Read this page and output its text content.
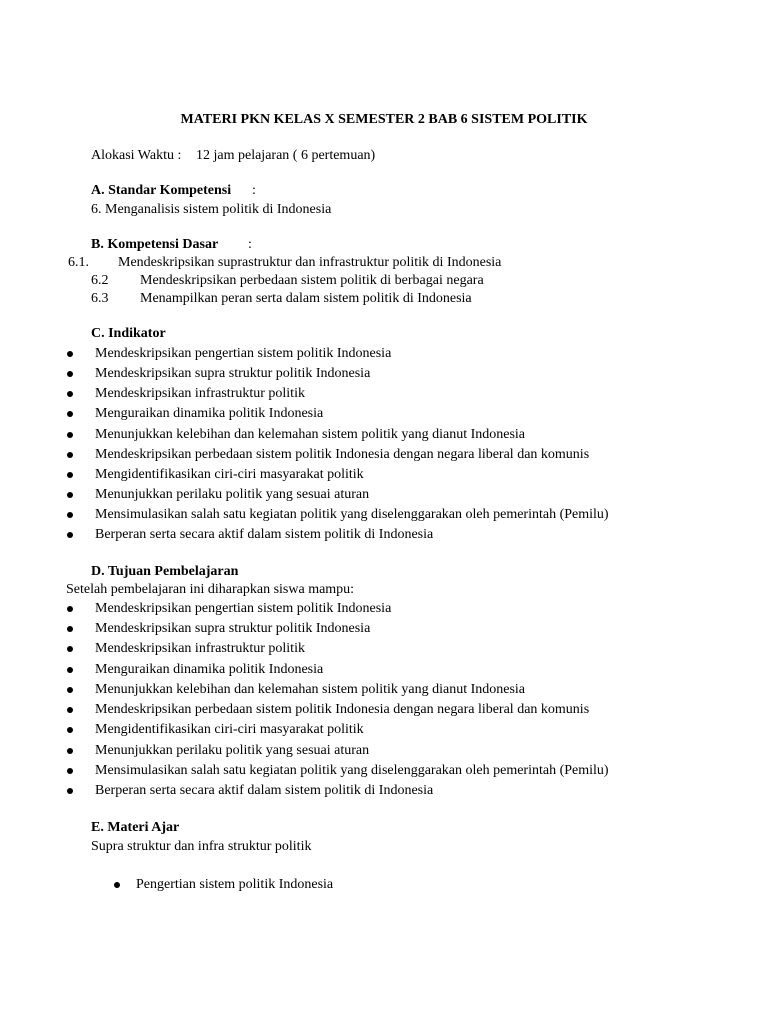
MATERI PKN KELAS X SEMESTER 2 BAB 6 SISTEM POLITIK
Alokasi Waktu : 12 jam pelajaran ( 6 pertemuan)
A. Standar Kompetensi :
6. Menganalisis sistem politik di Indonesia
B. Kompetensi Dasar :
6.1. Mendeskripsikan suprastruktur dan infrastruktur politik di Indonesia
6.2 Mendeskripsikan perbedaan sistem politik di berbagai negara
6.3 Menampilkan peran serta dalam sistem politik di Indonesia
C. Indikator
Mendeskripsikan pengertian sistem politik Indonesia
Mendeskripsikan supra struktur politik Indonesia
Mendeskripsikan infrastruktur politik
Menguraikan dinamika politik Indonesia
Menunjukkan kelebihan dan kelemahan sistem politik yang dianut Indonesia
Mendeskripsikan perbedaan sistem politik Indonesia dengan negara liberal dan komunis
Mengidentifikasikan ciri-ciri masyarakat politik
Menunjukkan perilaku politik yang sesuai aturan
Mensimulasikan salah satu kegiatan politik yang diselenggarakan oleh pemerintah (Pemilu)
Berperan serta secara aktif dalam sistem politik di Indonesia
D. Tujuan Pembelajaran
Setelah pembelajaran ini diharapkan siswa mampu:
Mendeskripsikan pengertian sistem politik Indonesia
Mendeskripsikan supra struktur politik Indonesia
Mendeskripsikan infrastruktur politik
Menguraikan dinamika politik Indonesia
Menunjukkan kelebihan dan kelemahan sistem politik yang dianut Indonesia
Mendeskripsikan perbedaan sistem politik Indonesia dengan negara liberal dan komunis
Mengidentifikasikan ciri-ciri masyarakat politik
Menunjukkan perilaku politik yang sesuai aturan
Mensimulasikan salah satu kegiatan politik yang diselenggarakan oleh pemerintah (Pemilu)
Berperan serta secara aktif dalam sistem politik di Indonesia
E. Materi Ajar
Supra struktur dan infra struktur politik
Pengertian sistem politik Indonesia
